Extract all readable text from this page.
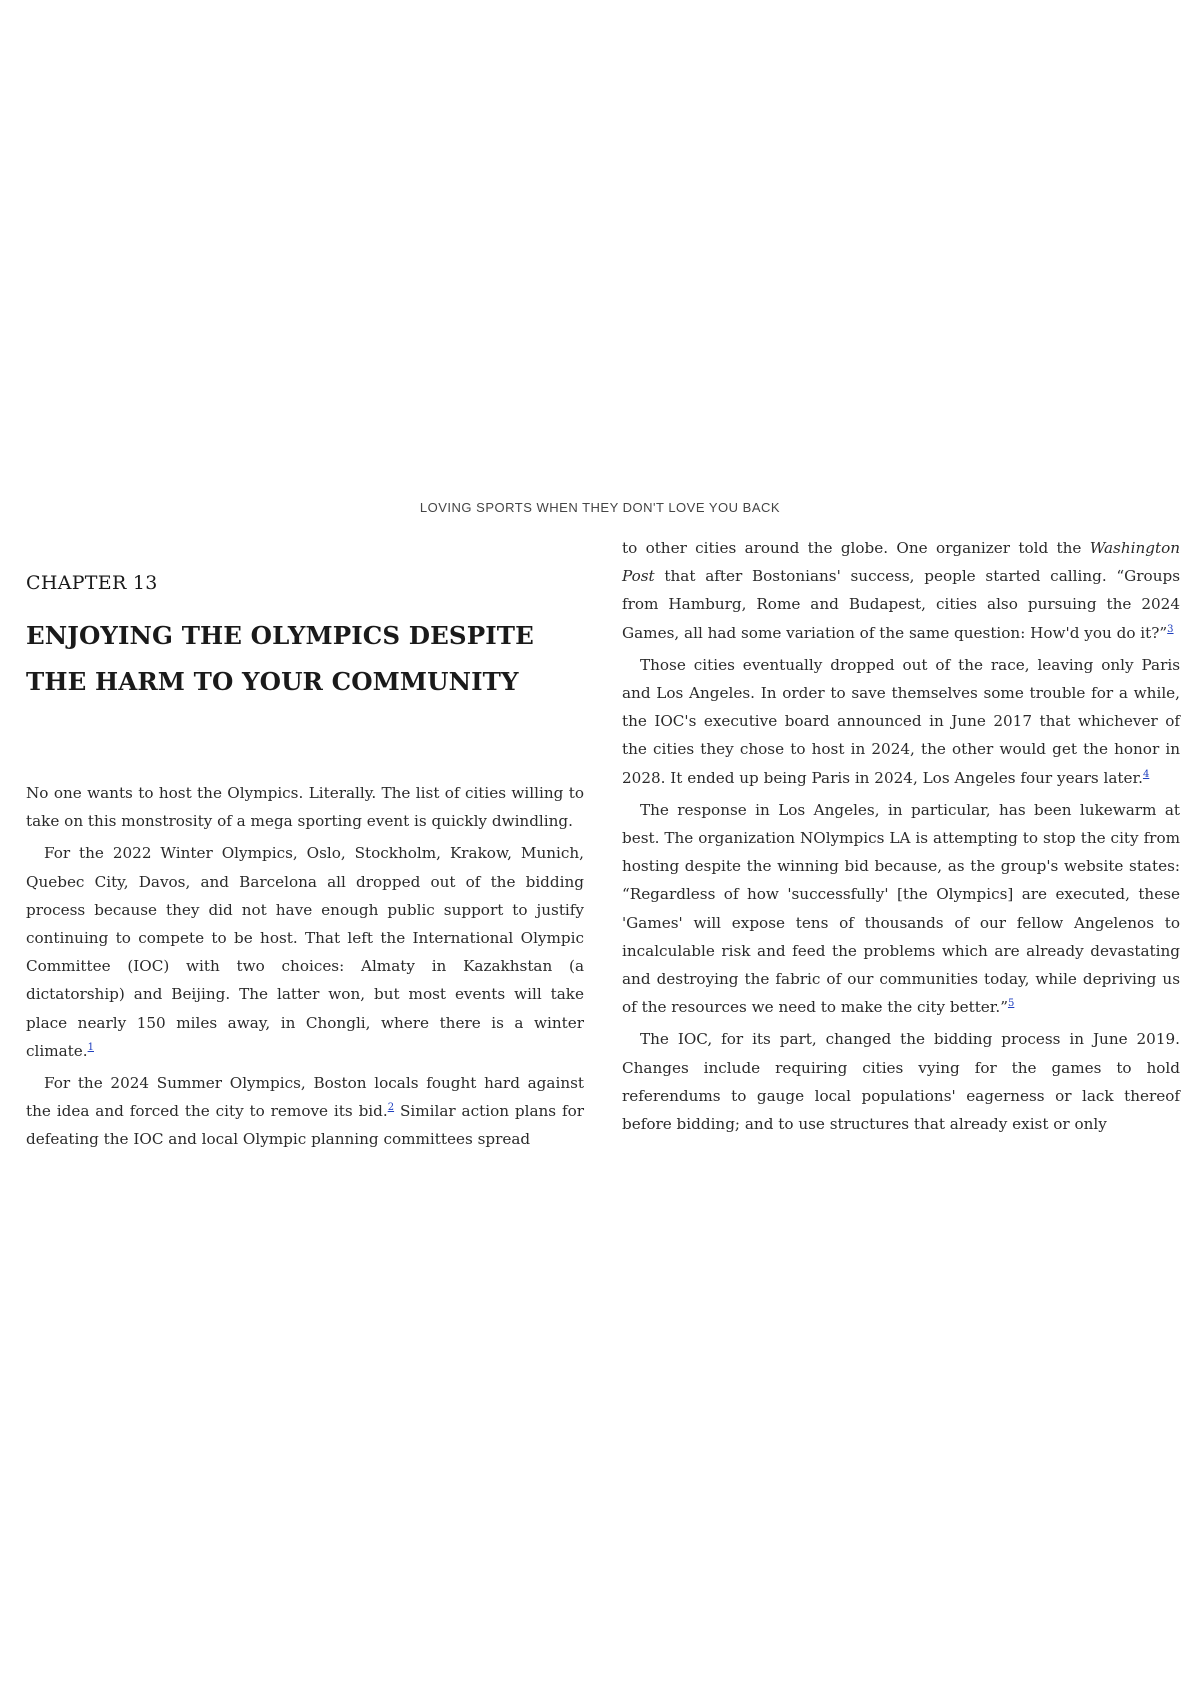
LOVING SPORTS WHEN THEY DON'T LOVE YOU BACK
CHAPTER 13
ENJOYING THE OLYMPICS DESPITE
THE HARM TO YOUR COMMUNITY

No one wants to host the Olympics. Literally. The list of cities willing to take on this monstrosity of a mega sporting event is quickly dwindling.

For the 2022 Winter Olympics, Oslo, Stockholm, Krakow, Munich, Quebec City, Davos, and Barcelona all dropped out of the bidding process because they did not have enough public support to justify continuing to compete to be host. That left the International Olympic Committee (IOC) with two choices: Almaty in Kazakhstan (a dictatorship) and Beijing. The latter won, but most events will take place nearly 150 miles away, in Chongli, where there is a winter climate.$^1$

For the 2024 Summer Olympics, Boston locals fought hard against the idea and forced the city to remove its bid.$^2$ Similar action plans for defeating the IOC and local Olympic planning committees spread

to other cities around the globe. One organizer told the Washington Post that after Bostonians' success, people started calling. “Groups from Hamburg, Rome and Budapest, cities also pursuing the 2024 Games, all had some variation of the same question: How'd you do it?”$^3$

Those cities eventually dropped out of the race, leaving only Paris and Los Angeles. In order to save themselves some trouble for a while, the IOC's executive board announced in June 2017 that whichever of the cities they chose to host in 2024, the other would get the honor in 2028. It ended up being Paris in 2024, Los Angeles four years later.$^4$

The response in Los Angeles, in particular, has been lukewarm at best. The organization NOlympics LA is attempting to stop the city from hosting despite the winning bid because, as the group's website states: “Regardless of how 'successfully' [the Olympics] are executed, these 'Games' will expose tens of thousands of our fellow Angelenos to incalculable risk and feed the problems which are already devastating and destroying the fabric of our communities today, while depriving us of the resources we need to make the city better.”$^5$

The IOC, for its part, changed the bidding process in June 2019. Changes include requiring cities vying for the games to hold referendums to gauge local populations' eagerness or lack thereof before bidding; and to use structures that already exist or only
